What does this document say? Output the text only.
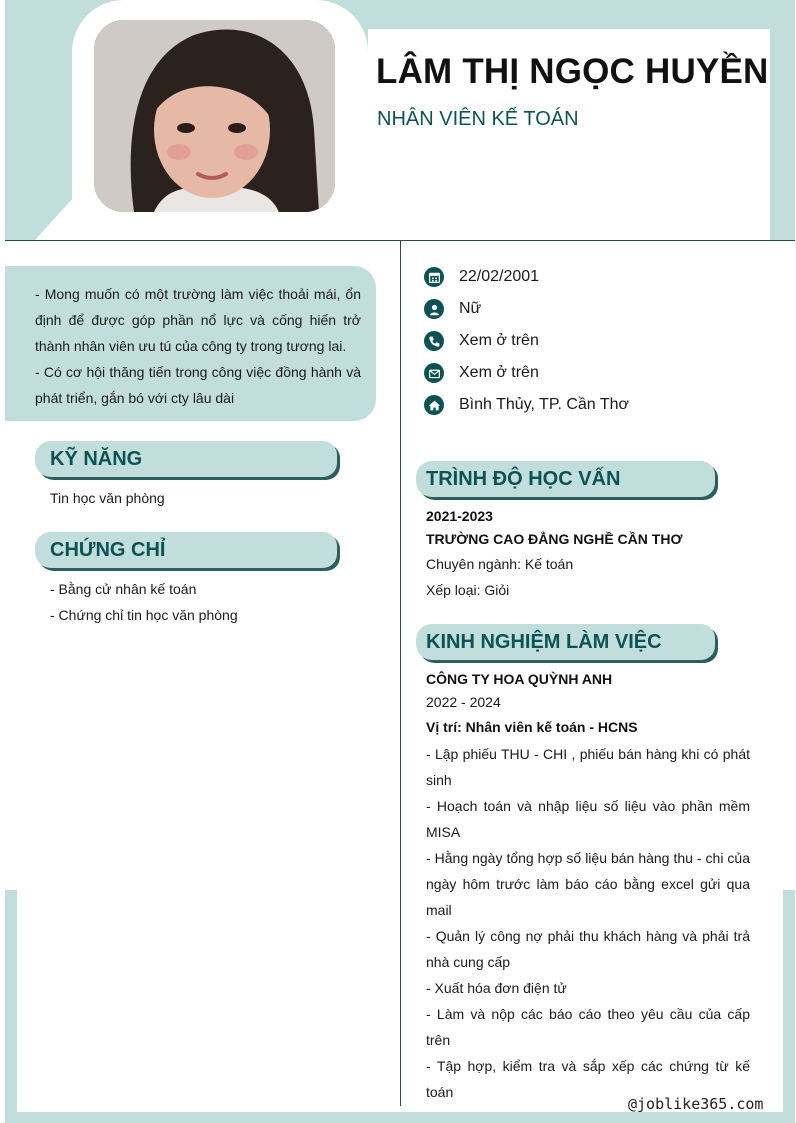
LÂM THỊ NGỌC HUYỀN
NHÂN VIÊN KẾ TOÁN

- Mong muốn có một trường làm việc thoải mái, ổn định để được góp phần nổ lực và cống hiến trở thành nhân viên ưu tú của công ty trong tương lai.

- Có cơ hội thăng tiến trong công việc đồng hành và phát triển, gắn bó với cty lâu dài

KỸ NĂNG
Tin học văn phòng
CHỨNG CHỈ
- Bằng cử nhân kế toán
- Chứng chỉ tin học văn phòng
22/02/2001
Nữ
Xem ở trên
Xem ở trên
Bình Thủy, TP. Cần Thơ
TRÌNH ĐỘ HỌC VẤN
2021-2023
TRƯỜNG CAO ĐẲNG NGHỀ CẦN THƠ
Chuyên ngành: Kế toán
Xếp loại: Giỏi
KINH NGHIỆM LÀM VIỆC
CÔNG TY HOA QUỲNH ANH
2022 - 2024
Vị trí: Nhân viên kế toán - HCNS

- Lập phiếu THU - CHI , phiếu bán hàng khi có phát sinh

- Hoạch toán và nhập liệu số liệu vào phần mềm MISA

- Hằng ngày tổng hợp số liệu bán hàng thu - chi của ngày hôm trước làm báo cáo bằng excel gửi qua mail

- Quản lý công nợ phải thu khách hàng và phải trả nhà cung cấp

- Xuất hóa đơn điện tử

- Làm và nộp các báo cáo theo yêu cầu của cấp trên

- Tập hợp, kiểm tra và sắp xếp các chứng từ kế toán

@joblike365.com
